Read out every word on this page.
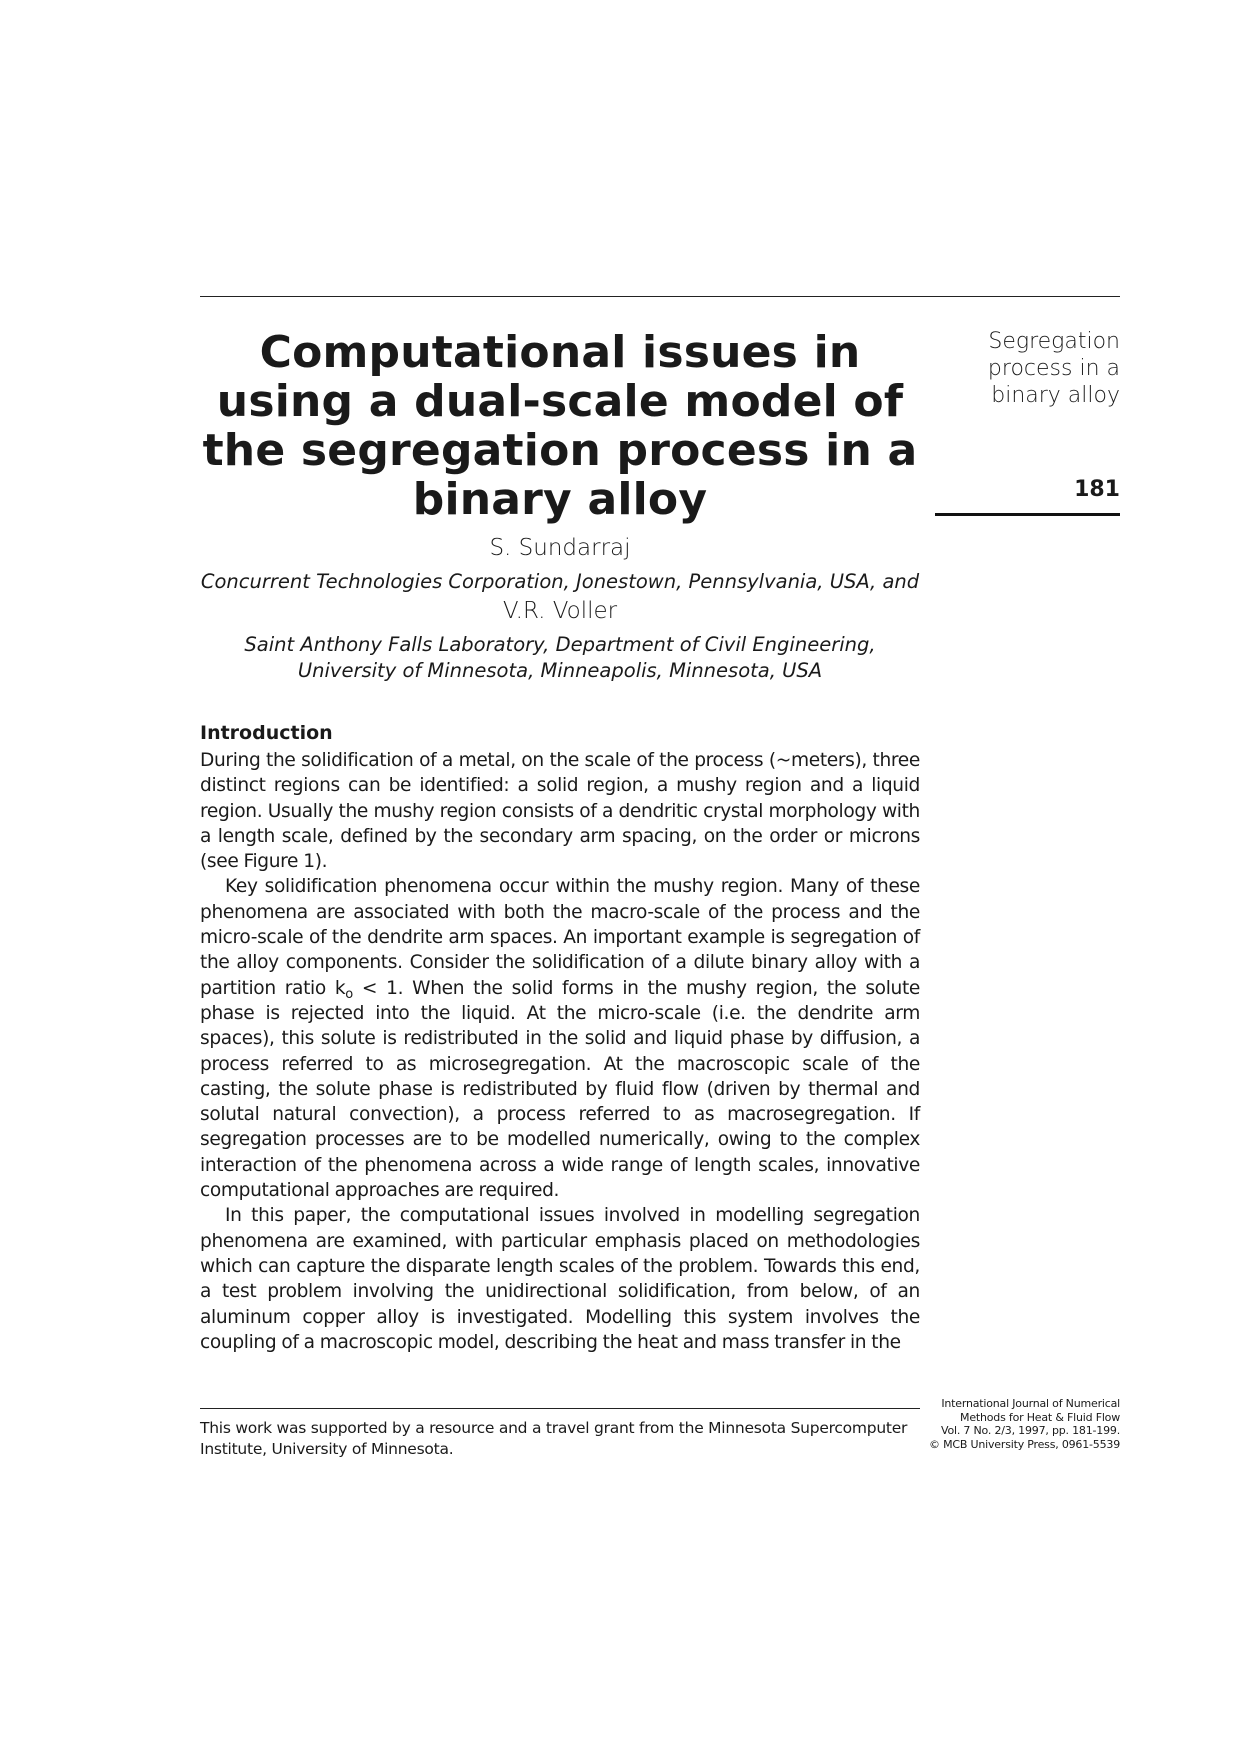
Computational issues in using a dual-scale model of the segregation process in a binary alloy
S. Sundarraj
Concurrent Technologies Corporation, Jonestown, Pennsylvania, USA, and
V.R. Voller
Saint Anthony Falls Laboratory, Department of Civil Engineering, University of Minnesota, Minneapolis, Minnesota, USA
Introduction

During the solidification of a metal, on the scale of the process (~meters), three distinct regions can be identified: a solid region, a mushy region and a liquid region. Usually the mushy region consists of a dendritic crystal morphology with a length scale, defined by the secondary arm spacing, on the order or microns (see Figure 1).

Key solidification phenomena occur within the mushy region. Many of these phenomena are associated with both the macro-scale of the process and the micro-scale of the dendrite arm spaces. An important example is segregation of the alloy components. Consider the solidification of a dilute binary alloy with a partition ratio $k_o < 1$. When the solid forms in the mushy region, the solute phase is rejected into the liquid. At the micro-scale (i.e. the dendrite arm spaces), this solute is redistributed in the solid and liquid phase by diffusion, a process referred to as microsegregation. At the macroscopic scale of the casting, the solute phase is redistributed by fluid flow (driven by thermal and solutal natural convection), a process referred to as macrosegregation. If segregation processes are to be modelled numerically, owing to the complex interaction of the phenomena across a wide range of length scales, innovative computational approaches are required.

In this paper, the computational issues involved in modelling segregation phenomena are examined, with particular emphasis placed on methodologies which can capture the disparate length scales of the problem. Towards this end, a test problem involving the unidirectional solidification, from below, of an aluminum copper alloy is investigated. Modelling this system involves the coupling of a macroscopic model, describing the heat and mass transfer in the

Segregation process in a binary alloy

181

This work was supported by a resource and a travel grant from the Minnesota Supercomputer Institute, University of Minnesota.

International Journal of Numerical
Methods for Heat & Fluid Flow
Vol. 7 No. 2/3, 1997, pp. 181-199.
© MCB University Press, 0961-5539
